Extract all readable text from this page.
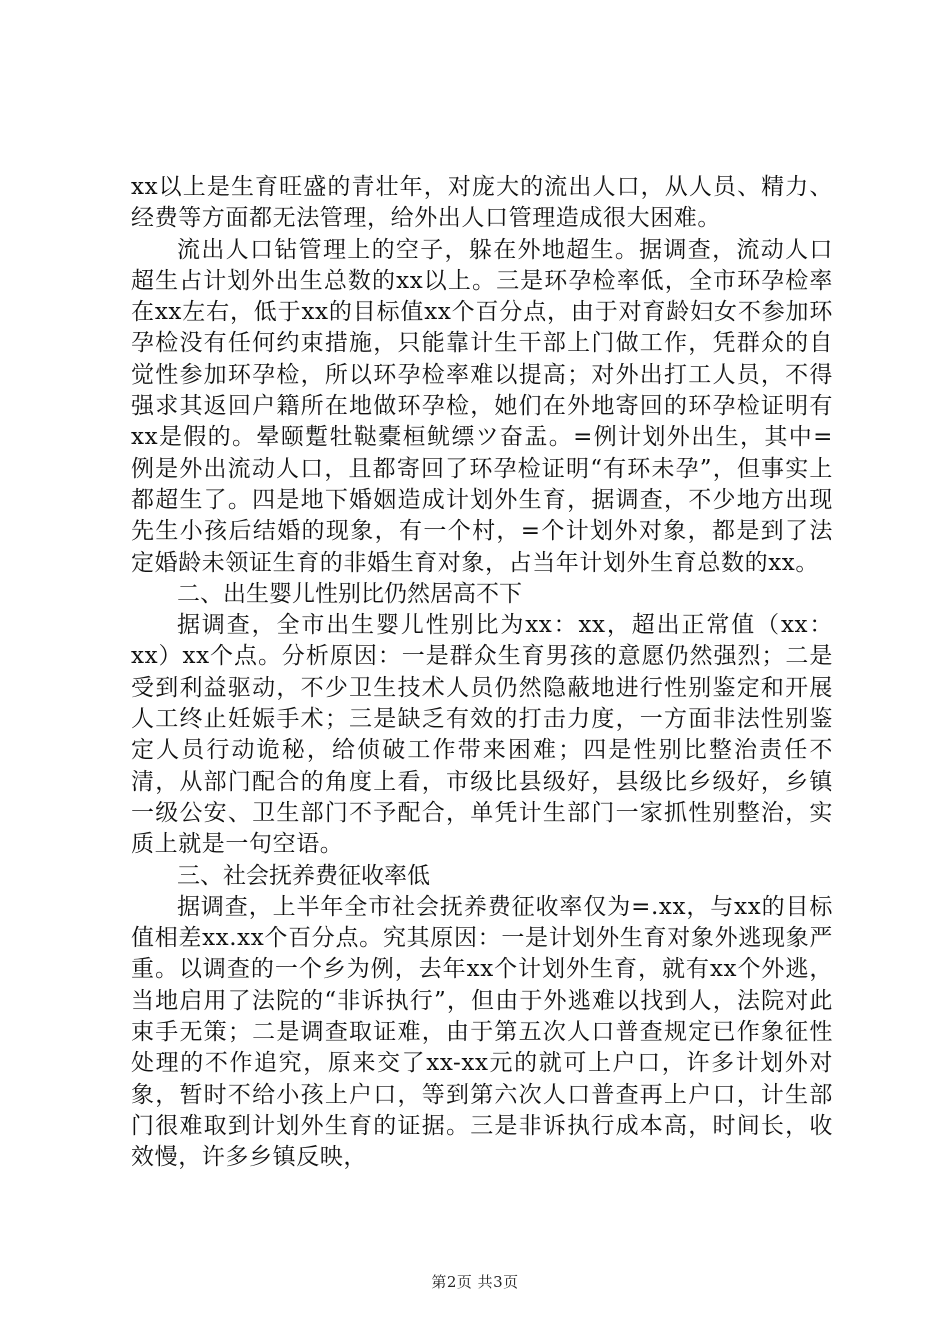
xx以上是生育旺盛的青壮年，对庞大的流出人口，从人员、精力、经费等方面都无法管理，给外出人口管理造成很大困难。

流出人口钻管理上的空子，躲在外地超生。据调查，流动人口超生占计划外出生总数的xx以上。三是环孕检率低，全市环孕检率在xx左右，低于xx的目标值xx个百分点，由于对育龄妇女不参加环孕检没有任何约束措施，只能靠计生干部上门做工作，凭群众的自觉性参加环孕检，所以环孕检率难以提高；对外出打工人员，不得强求其返回户籍所在地做环孕检，她们在外地寄回的环孕检证明有xx是假的。晕颐蹔牡鞑橐桓鱿缥ツ奋盂。=例计划外出生，其中=例是外出流动人口，且都寄回了环孕检证明“有环未孕”，但事实上都超生了。四是地下婚姻造成计划外生育，据调查，不少地方出现先生小孩后结婚的现象，有一个村，=个计划外对象，都是到了法定婚龄未领证生育的非婚生育对象，占当年计划外生育总数的xx。

二、出生婴儿性别比仍然居高不下

据调查，全市出生婴儿性别比为xx：xx，超出正常值（xx：xx）xx个点。分析原因：一是群众生育男孩的意愿仍然强烈；二是受到利益驱动，不少卫生技术人员仍然隐蔽地进行性别鉴定和开展人工终止妊娠手术；三是缺乏有效的打击力度，一方面非法性别鉴定人员行动诡秘，给侦破工作带来困难；四是性别比整治责任不清，从部门配合的角度上看，市级比县级好，县级比乡级好，乡镇一级公安、卫生部门不予配合，单凭计生部门一家抓性别整治，实质上就是一句空语。

三、社会抚养费征收率低

据调查，上半年全市社会抚养费征收率仅为=.xx，与xx的目标值相差xx.xx个百分点。究其原因：一是计划外生育对象外逃现象严重。以调查的一个乡为例，去年xx个计划外生育，就有xx个外逃，当地启用了法院的“非诉执行”，但由于外逃难以找到人，法院对此束手无策；二是调查取证难，由于第五次人口普查规定已作象征性处理的不作追究，原来交了xx-xx元的就可上户口，许多计划外对象，暂时不给小孩上户口，等到第六次人口普查再上户口，计生部门很难取到计划外生育的证据。三是非诉执行成本高，时间长，收效慢，许多乡镇反映，

第2页 共3页
